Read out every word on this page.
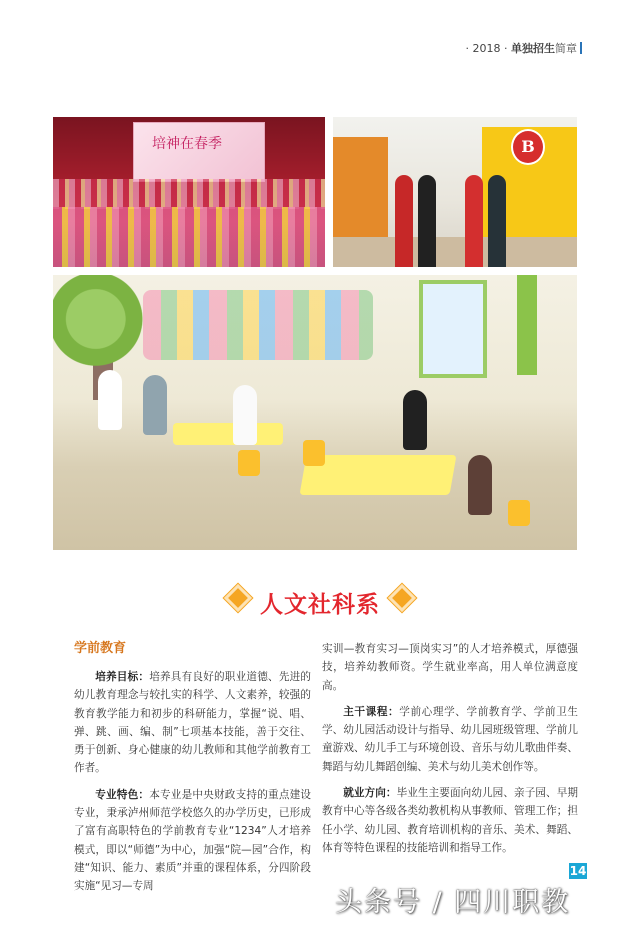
· 2018 · 单独招生简章
培神在春季	B
人文社科系
学前教育

培养目标：培养具有良好的职业道德、先进的幼儿教育理念与较扎实的科学、人文素养，较强的教育教学能力和初步的科研能力，掌握“说、唱、弹、跳、画、编、制”七项基本技能，善于交往、勇于创新、身心健康的幼儿教师和其他学前教育工作者。

专业特色：本专业是中央财政支持的重点建设专业，秉承泸州师范学校悠久的办学历史，已形成了富有高职特色的学前教育专业“1234”人才培养模式，即以“师德”为中心，加强“院—园”合作，构建“知识、能力、素质”并重的课程体系，分四阶段实施“见习—专周

实训—教育实习—顶岗实习”的人才培养模式，厚德强技，培养幼教师资。学生就业率高，用人单位满意度高。

主干课程：学前心理学、学前教育学、学前卫生学、幼儿园活动设计与指导、幼儿园班级管理、学前儿童游戏、幼儿手工与环境创设、音乐与幼儿歌曲伴奏、舞蹈与幼儿舞蹈创编、美术与幼儿美术创作等。

就业方向：毕业生主要面向幼儿园、亲子园、早期教育中心等各级各类幼教机构从事教师、管理工作；担任小学、幼儿园、教育培训机构的音乐、美术、舞蹈、体育等特色课程的技能培训和指导工作。

14
头条号 / 四川职教
